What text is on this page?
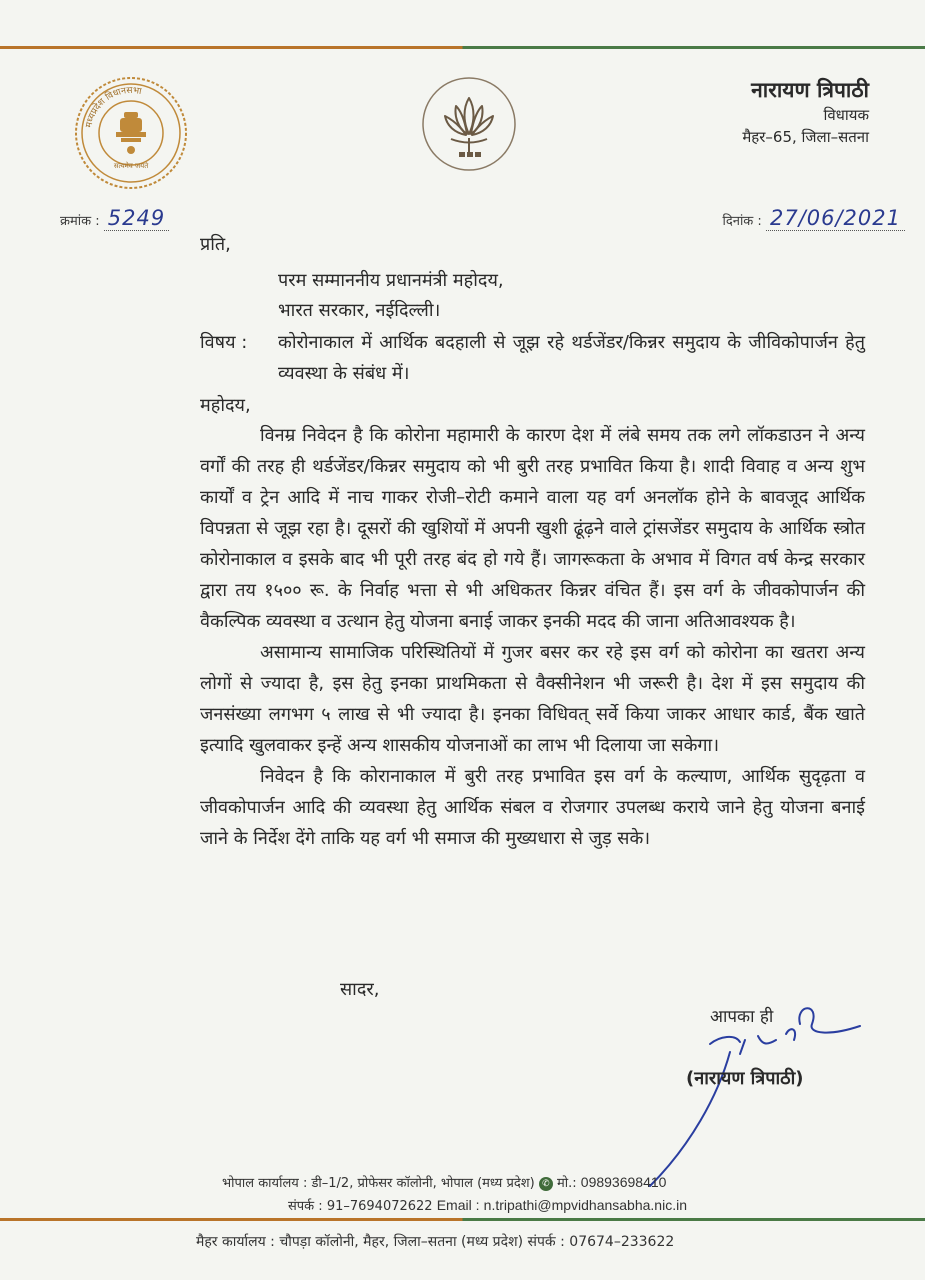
मध्यप्रदेश विधानसभा
सत्यमेव जयते

नारायण त्रिपाठी

विधायक

मैहर–65, जिला–सतना

क्रमांक : 5249	दिनांक : 27/06/2021
प्रति,
परम सम्माननीय प्रधानमंत्री महोदय,
भारत सरकार, नईदिल्ली।
विषय :	कोरोनाकाल में आर्थिक बदहाली से जूझ रहे थर्डजेंडर/किन्नर समुदाय के जीविकोपार्जन हेतु व्यवस्था के संबंध में।
महोदय,

विनम्र निवेदन है कि कोरोना महामारी के कारण देश में लंबे समय तक लगे लॉकडाउन ने अन्य वर्गों की तरह ही थर्डजेंडर/किन्नर समुदाय को भी बुरी तरह प्रभावित किया है। शादी विवाह व अन्य शुभ कार्यों व ट्रेन आदि में नाच गाकर रोजी–रोटी कमाने वाला यह वर्ग अनलॉक होने के बावजूद आर्थिक विपन्नता से जूझ रहा है। दूसरों की खुशियों में अपनी खुशी ढूंढ़ने वाले ट्रांसजेंडर समुदाय के आर्थिक स्त्रोत कोरोनाकाल व इसके बाद भी पूरी तरह बंद हो गये हैं। जागरूकता के अभाव में विगत वर्ष केन्द्र सरकार द्वारा तय १५०० रू. के निर्वाह भत्ता से भी अधिकतर किन्नर वंचित हैं। इस वर्ग के जीवकोपार्जन की वैकल्पिक व्यवस्था व उत्थान हेतु योजना बनाई जाकर इनकी मदद की जाना अतिआवश्यक है।

असामान्य सामाजिक परिस्थितियों में गुजर बसर कर रहे इस वर्ग को कोरोना का खतरा अन्य लोगों से ज्यादा है, इस हेतु इनका प्राथमिकता से वैक्सीनेशन भी जरूरी है। देश में इस समुदाय की जनसंख्या लगभग ५ लाख से भी ज्यादा है। इनका विधिवत् सर्वे किया जाकर आधार कार्ड, बैंक खाते इत्यादि खुलवाकर इन्हें अन्य शासकीय योजनाओं का लाभ भी दिलाया जा सकेगा।

निवेदन है कि कोरानाकाल में बुरी तरह प्रभावित इस वर्ग के कल्याण, आर्थिक सुदृढ़ता व जीवकोपार्जन आदि की व्यवस्था हेतु आर्थिक संबल व रोजगार उपलब्ध कराये जाने हेतु योजना बनाई जाने के निर्देश देंगे ताकि यह वर्ग भी समाज की मुख्यधारा से जुड़ सके।

सादर,
आपका ही
(नारायण त्रिपाठी)
भोपाल कार्यालय : डी–1/2, प्रोफेसर कॉलोनी, भोपाल (मध्य प्रदेश) ✆ मो.: 09893698410
संपर्क : 91–7694072622 Email : n.tripathi@mpvidhansabha.nic.in
मैहर कार्यालय : चौपड़ा कॉलोनी, मैहर, जिला–सतना (मध्य प्रदेश) संपर्क : 07674–233622
